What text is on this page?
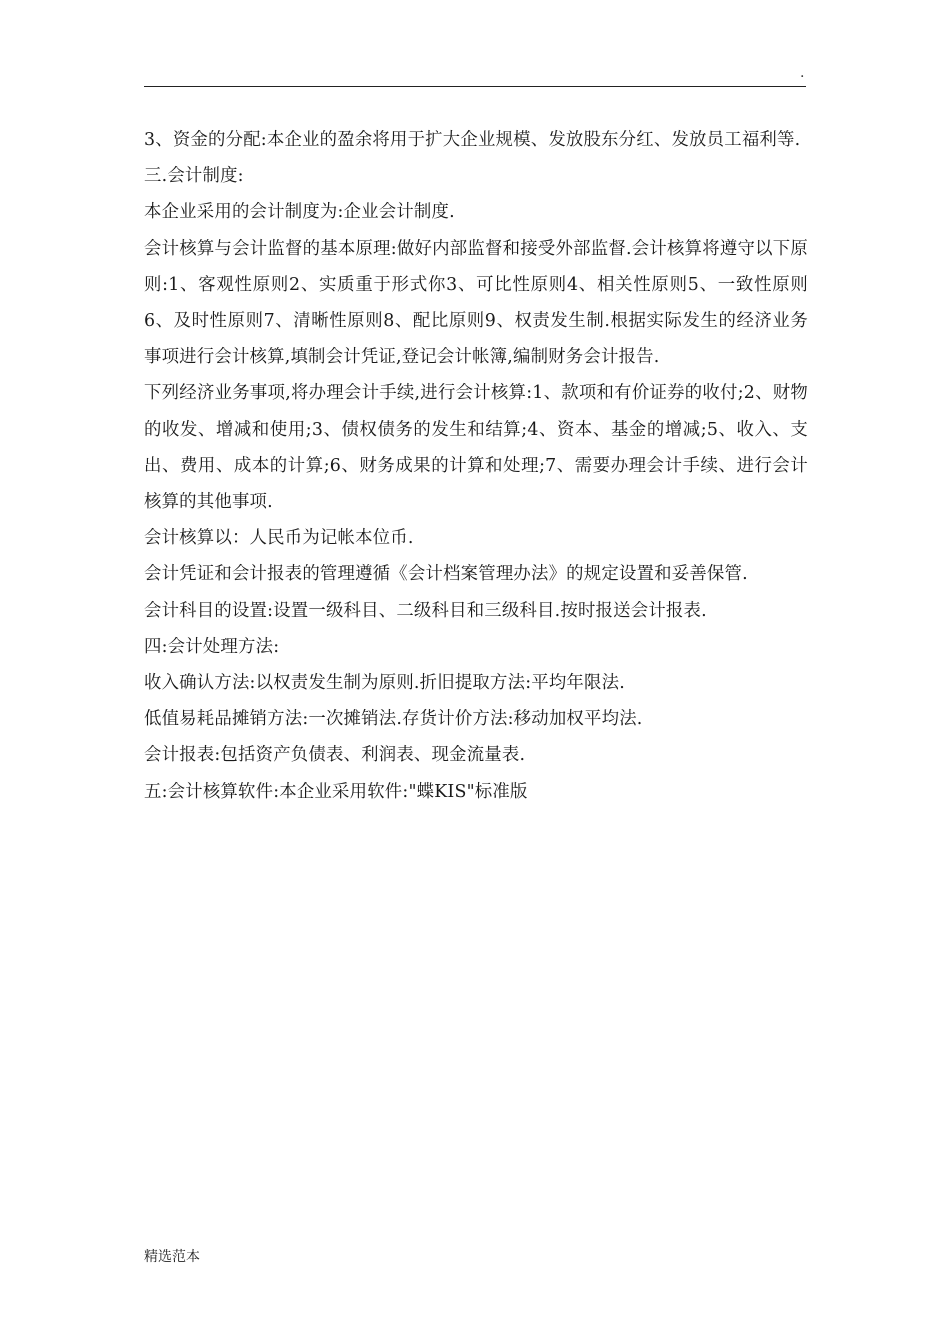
.

3、资金的分配:本企业的盈余将用于扩大企业规模、发放股东分红、发放员工福利等.

三.会计制度:

本企业采用的会计制度为:企业会计制度.

会计核算与会计监督的基本原理:做好内部监督和接受外部监督.会计核算将遵守以下原则:1、客观性原则2、实质重于形式你3、可比性原则4、相关性原则5、一致性原则6、及时性原则7、清晰性原则8、配比原则9、权责发生制.根据实际发生的经济业务事项进行会计核算,填制会计凭证,登记会计帐簿,编制财务会计报告.

下列经济业务事项,将办理会计手续,进行会计核算:1、款项和有价证券的收付;2、财物的收发、增减和使用;3、债权债务的发生和结算;4、资本、基金的增减;5、收入、支出、费用、成本的计算;6、财务成果的计算和处理;7、需要办理会计手续、进行会计核算的其他事项.

会计核算以：人民币为记帐本位币.

会计凭证和会计报表的管理遵循《会计档案管理办法》的规定设置和妥善保管.

会计科目的设置:设置一级科目、二级科目和三级科目.按时报送会计报表.

四:会计处理方法:

收入确认方法:以权责发生制为原则.折旧提取方法:平均年限法.

低值易耗品摊销方法:一次摊销法.存货计价方法:移动加权平均法.

会计报表:包括资产负债表、利润表、现金流量表.

五:会计核算软件:本企业采用软件:"蝶KIS"标准版

精选范本
